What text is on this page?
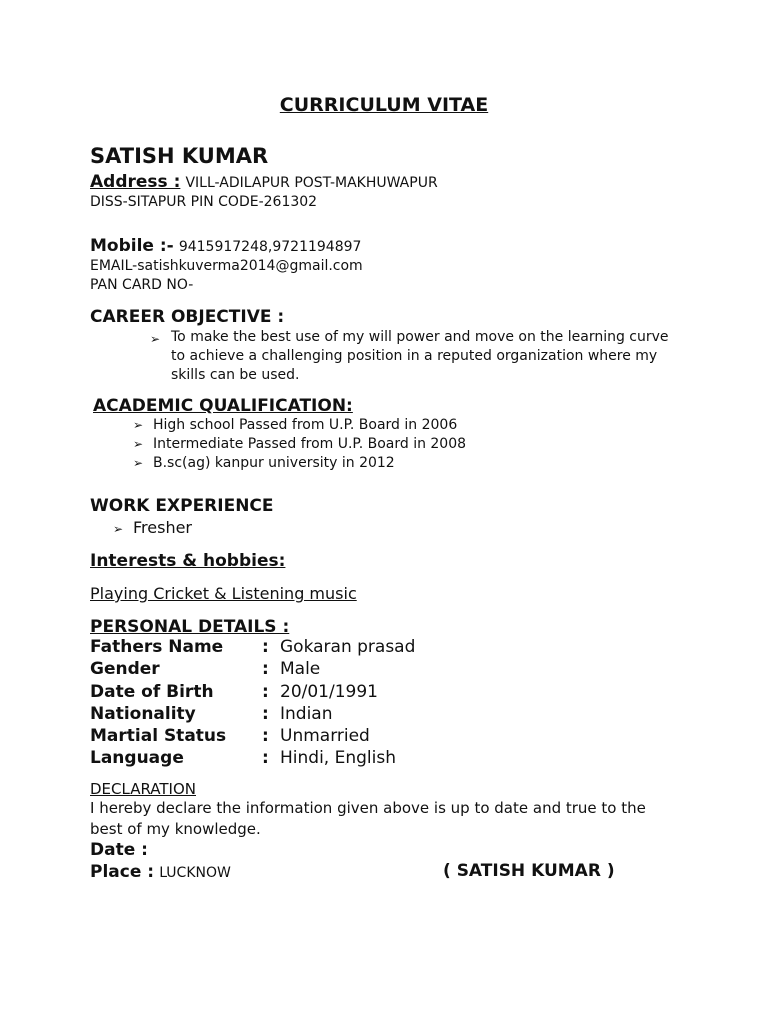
CURRICULUM VITAE
SATISH KUMAR
Address : VILL-ADILAPUR POST-MAKHUWAPUR
DISS-SITAPUR PIN CODE-261302
Mobile :- 9415917248,9721194897
EMAIL-satishkuverma2014@gmail.com
PAN CARD NO-
CAREER OBJECTIVE :
➢ To make the best use of my will power and move on the learning curve to achieve a challenging position in a reputed organization where my skills can be used.
ACADEMIC QUALIFICATION:
➢ High school Passed from U.P. Board in 2006
➢ Intermediate Passed from U.P. Board in 2008
➢ B.sc(ag) kanpur university in 2012
WORK EXPERIENCE
➢ Fresher
Interests & hobbies:
Playing Cricket & Listening music
PERSONAL DETAILS :
Fathers Name : Gokaran prasad
Gender	: Male
Date of Birth	: 20/01/1991
Nationality	: Indian
Martial Status : Unmarried
Language	: Hindi, English
DECLARATION
I hereby declare the information given above is up to date and true to the best of my knowledge.
Date :
Place : LUCKNOW	( SATISH KUMAR )
